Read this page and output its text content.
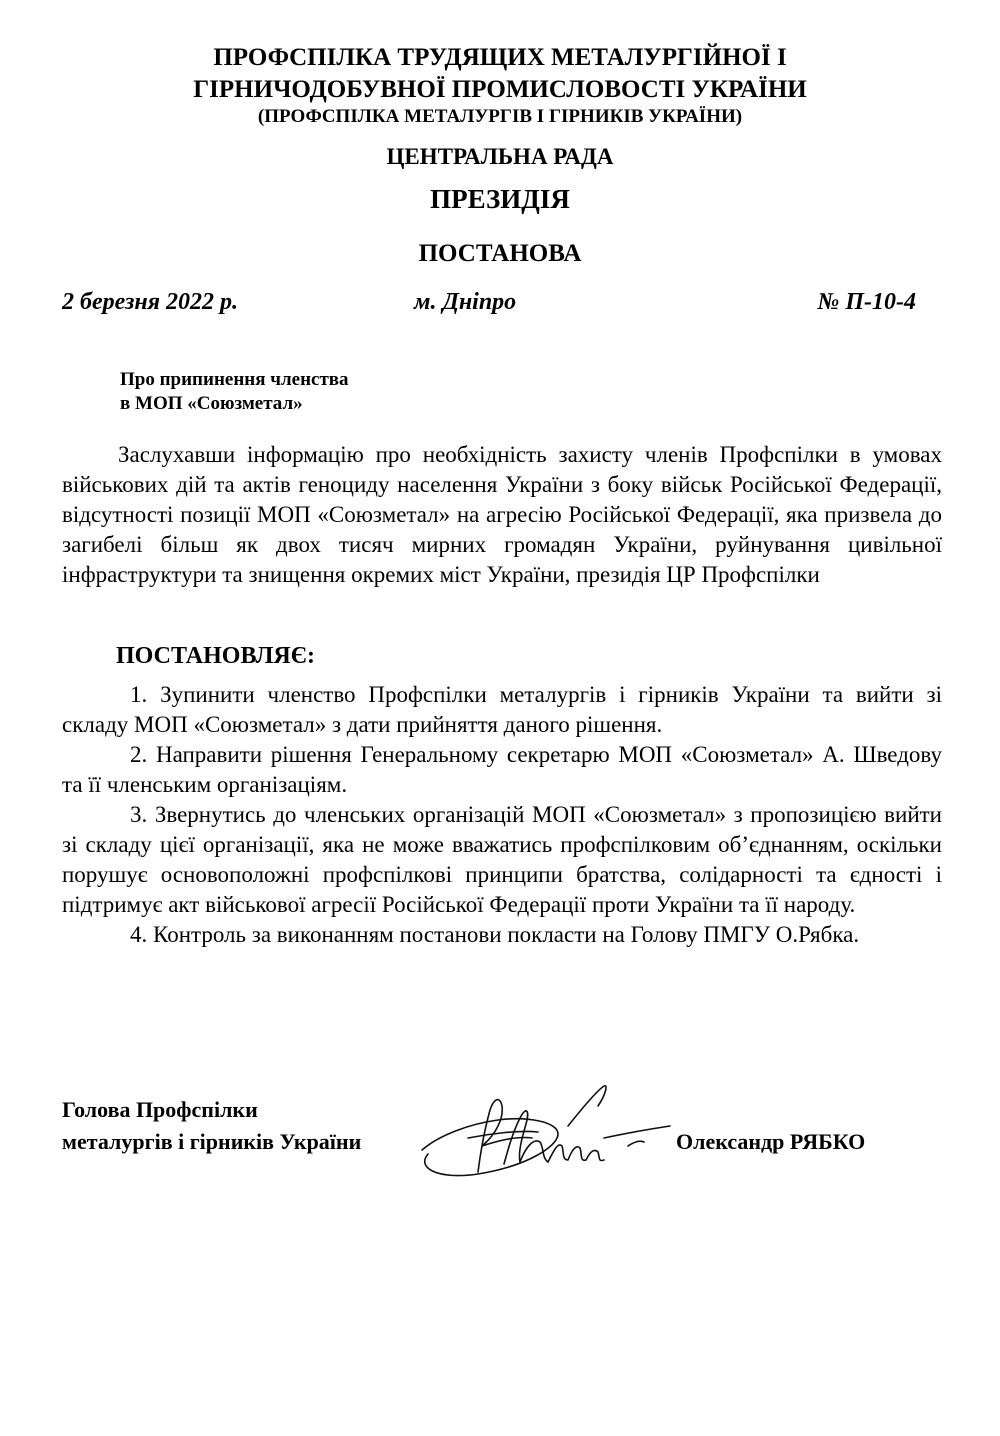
ПРОФСПІЛКА ТРУДЯЩИХ МЕТАЛУРГІЙНОЇ І
ГІРНИЧОДОБУВНОЇ ПРОМИСЛОВОСТІ УКРАЇНИ
(ПРОФСПІЛКА МЕТАЛУРГІВ І ГІРНИКІВ УКРАЇНИ)
ЦЕНТРАЛЬНА РАДА
ПРЕЗИДІЯ
ПОСТАНОВА
2 березня 2022 р.	м. Дніпро	№ П-10-4
Про припинення членства
в МОП «Союзметал»
Заслухавши інформацію про необхідність захисту членів Профспілки в умовах військових дій та актів геноциду населення України з боку військ Російської Федерації, відсутності позиції МОП «Союзметал» на агресію Російської Федерації, яка призвела до загибелі більш як двох тисяч мирних громадян України, руйнування цивільної інфраструктури та знищення окремих міст України, президія ЦР Профспілки
ПОСТАНОВЛЯЄ:

1. Зупинити членство Профспілки металургів і гірників України та вийти зі складу МОП «Союзметал» з дати прийняття даного рішення.

2. Направити рішення Генеральному секретарю МОП «Союзметал» А. Шведову та її членським організаціям.

3. Звернутись до членських організацій МОП «Союзметал» з пропозицією вийти зі складу цієї організації, яка не може вважатись профспілковим об’єднанням, оскільки порушує основоположні профспілкові принципи братства, солідарності та єдності і підтримує акт військової агресії Російської Федерації проти України та її народу.

4. Контроль за виконанням постанови покласти на Голову ПМГУ О.Рябка.

Голова Профспілки
металургів і гірників України	Олександр РЯБКО
